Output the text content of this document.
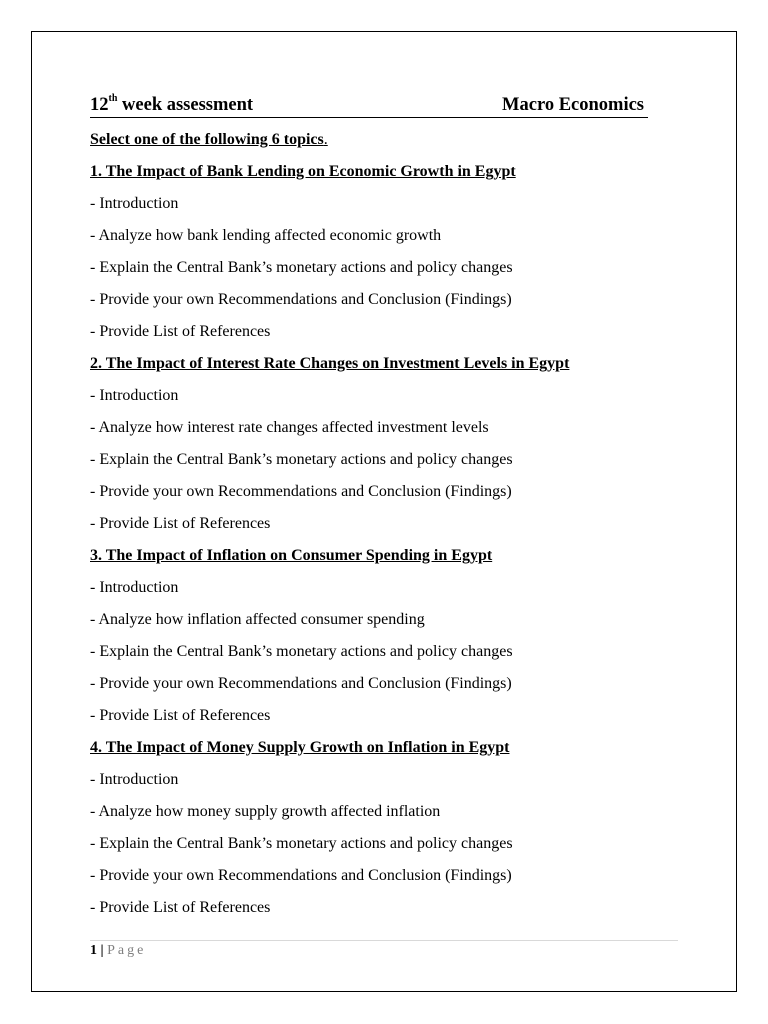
12th week assessment	Macro Economics
Select one of the following 6 topics.
1. The Impact of Bank Lending on Economic Growth in Egypt
- Introduction
- Analyze how bank lending affected economic growth
- Explain the Central Bank’s monetary actions and policy changes
- Provide your own Recommendations and Conclusion (Findings)
- Provide List of References
2. The Impact of Interest Rate Changes on Investment Levels in Egypt
- Introduction
- Analyze how interest rate changes affected investment levels
- Explain the Central Bank’s monetary actions and policy changes
- Provide your own Recommendations and Conclusion (Findings)
- Provide List of References
3. The Impact of Inflation on Consumer Spending in Egypt
- Introduction
- Analyze how inflation affected consumer spending
- Explain the Central Bank’s monetary actions and policy changes
- Provide your own Recommendations and Conclusion (Findings)
- Provide List of References
4. The Impact of Money Supply Growth on Inflation in Egypt
- Introduction
- Analyze how money supply growth affected inflation
- Explain the Central Bank’s monetary actions and policy changes
- Provide your own Recommendations and Conclusion (Findings)
- Provide List of References
1 | Page
